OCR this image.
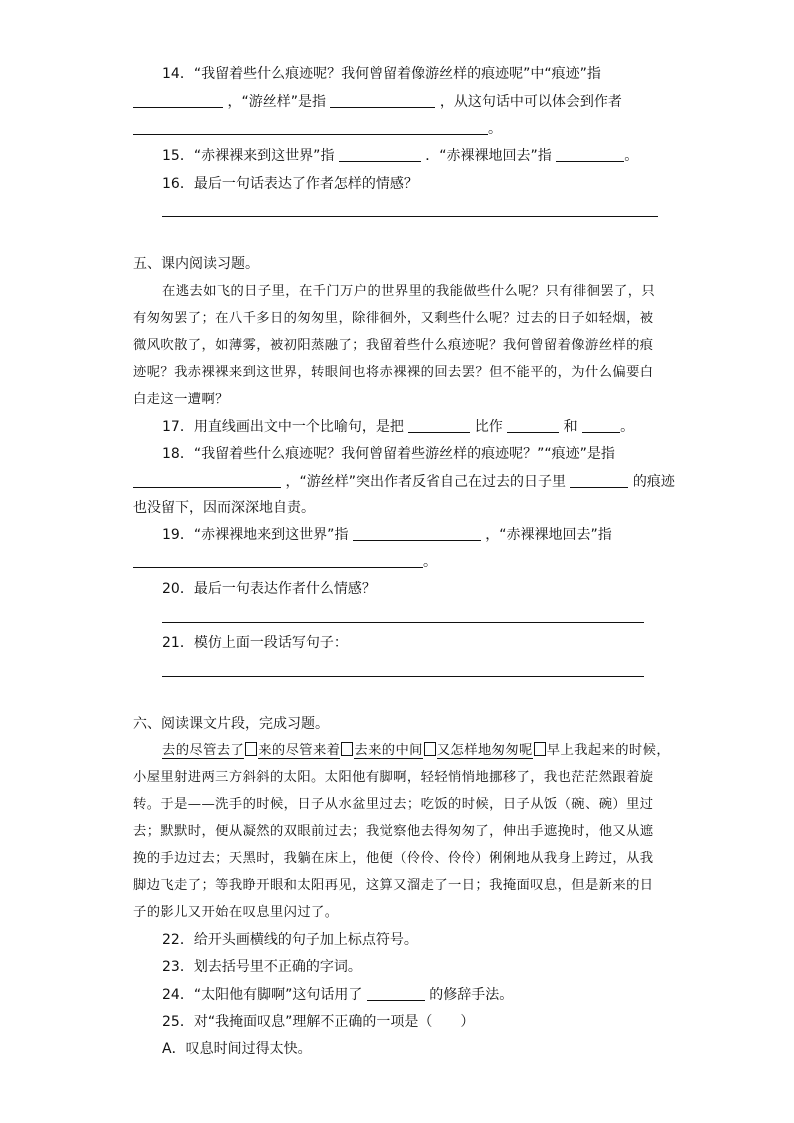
14．“我留着些什么痕迹呢？我何曾留着像游丝样的痕迹呢”中“痕迹”指
，“游丝样”是指	，从这句话中可以体会到作者
。
15．“赤裸裸来到这世界”指	．“赤裸裸地回去”指	。
16．最后一句话表达了作者怎样的情感？
五、课内阅读习题。
在逃去如飞的日子里，在千门万户的世界里的我能做些什么呢？只有徘徊罢了，只
有匆匆罢了；在八千多日的匆匆里，除徘徊外，又剩些什么呢？过去的日子如轻烟，被
微风吹散了，如薄雾，被初阳蒸融了；我留着些什么痕迹呢？我何曾留着像游丝样的痕
迹呢？我赤裸裸来到这世界，转眼间也将赤裸裸的回去罢？但不能平的，为什么偏要白
白走这一遭啊？
17．用直线画出文中一个比喻句，是把	比作	和	。
18．“我留着些什么痕迹呢？我何曾留着些游丝样的痕迹呢？”“痕迹”是指
，“游丝样”突出作者反省自己在过去的日子里	的痕迹
也没留下，因而深深地自责。
19．“赤裸裸地来到这世界”指	，“赤裸裸地回去”指
。
20．最后一句表达作者什么情感？
21．模仿上面一段话写句子：
六、阅读课文片段，完成习题。
去的尽管去了 来的尽管来着 去来的中间 又怎样地匆匆呢 早上我起来的时候，
小屋里射进两三方斜斜的太阳。太阳他有脚啊，轻轻悄悄地挪移了，我也茫茫然跟着旋
转。于是——洗手的时候，日子从水盆里过去；吃饭的时候，日子从饭（碗、碗）里过
去；默默时，便从凝然的双眼前过去；我觉察他去得匆匆了，伸出手遮挽时，他又从遮
挽的手边过去；天黑时，我躺在床上，他便（伶伶、伶伶）俐俐地从我身上跨过，从我
脚边飞走了；等我睁开眼和太阳再见，这算又溜走了一日；我掩面叹息，但是新来的日
子的影儿又开始在叹息里闪过了。
22．给开头画横线的句子加上标点符号。
23．划去括号里不正确的字词。
24．“太阳他有脚啊”这句话用了	的修辞手法。
25．对“我掩面叹息”理解不正确的一项是（　　）
A．叹息时间过得太快。
